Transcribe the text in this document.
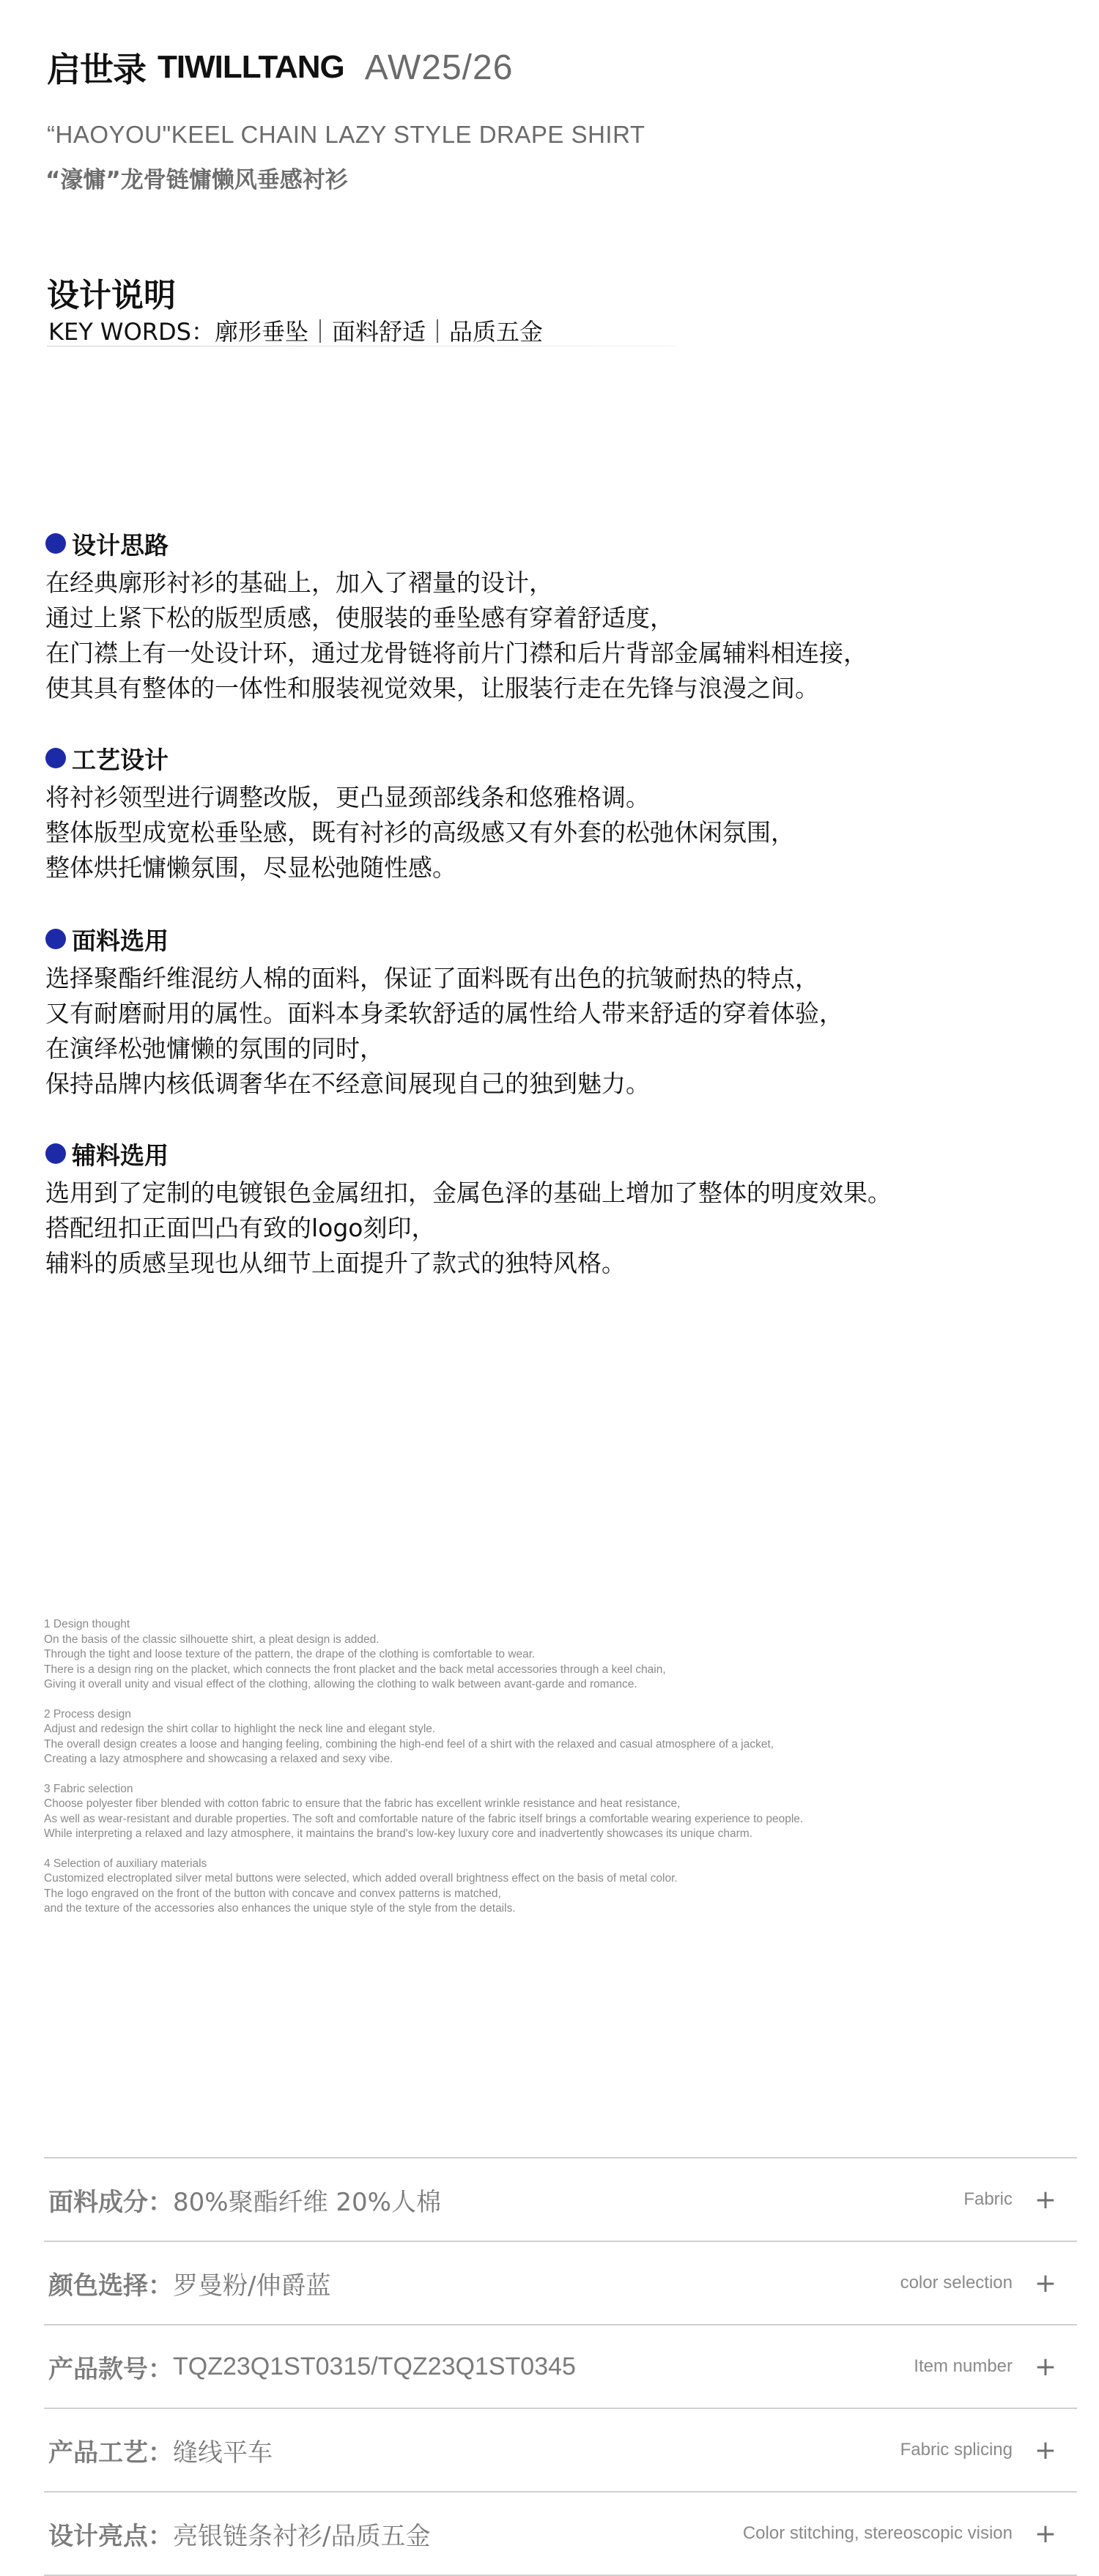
启世录 TIWILLTANG AW25/26
“HAOYOU"KEEL CHAIN LAZY STYLE DRAPE SHIRT
“濠慵”龙骨链慵懒风垂感衬衫
设计说明
KEY WORDS：廓形垂坠｜面料舒适｜品质五金
设计思路
在经典廓形衬衫的基础上，加入了褶量的设计，
通过上紧下松的版型质感，使服装的垂坠感有穿着舒适度，
在门襟上有一处设计环，通过龙骨链将前片门襟和后片背部金属辅料相连接，
使其具有整体的一体性和服装视觉效果，让服装行走在先锋与浪漫之间。
工艺设计
将衬衫领型进行调整改版，更凸显颈部线条和悠雅格调。
整体版型成宽松垂坠感，既有衬衫的高级感又有外套的松弛休闲氛围，
整体烘托慵懒氛围，尽显松弛随性感。
面料选用
选择聚酯纤维混纺人棉的面料，保证了面料既有出色的抗皱耐热的特点，
又有耐磨耐用的属性。面料本身柔软舒适的属性给人带来舒适的穿着体验，
在演绎松弛慵懒的氛围的同时，
保持品牌内核低调奢华在不经意间展现自己的独到魅力。
辅料选用
选用到了定制的电镀银色金属纽扣，金属色泽的基础上增加了整体的明度效果。
搭配纽扣正面凹凸有致的logo刻印，
辅料的质感呈现也从细节上面提升了款式的独特风格。
1 Design thought
On the basis of the classic silhouette shirt, a pleat design is added.
Through the tight and loose texture of the pattern, the drape of the clothing is comfortable to wear.
There is a design ring on the placket, which connects the front placket and the back metal accessories through a keel chain,
Giving it overall unity and visual effect of the clothing, allowing the clothing to walk between avant-garde and romance.
2 Process design
Adjust and redesign the shirt collar to highlight the neck line and elegant style.
The overall design creates a loose and hanging feeling, combining the high-end feel of a shirt with the relaxed and casual atmosphere of a jacket,
Creating a lazy atmosphere and showcasing a relaxed and sexy vibe.
3 Fabric selection
Choose polyester fiber blended with cotton fabric to ensure that the fabric has excellent wrinkle resistance and heat resistance,
As well as wear-resistant and durable properties. The soft and comfortable nature of the fabric itself brings a comfortable wearing experience to people.
While interpreting a relaxed and lazy atmosphere, it maintains the brand's low-key luxury core and inadvertently showcases its unique charm.
4 Selection of auxiliary materials
Customized electroplated silver metal buttons were selected, which added overall brightness effect on the basis of metal color.
The logo engraved on the front of the button with concave and convex patterns is matched,
and the texture of the accessories also enhances the unique style of the style from the details.
面料成分： 80%聚酯纤维 20%人棉	Fabric +
颜色选择： 罗曼粉/伸爵蓝	color selection +
产品款号： TQZ23Q1ST0315/TQZ23Q1ST0345	Item number +
产品工艺： 缝线平车	Fabric splicing +
设计亮点： 亮银链条衬衫/品质五金	Color stitching, stereoscopic vision +
